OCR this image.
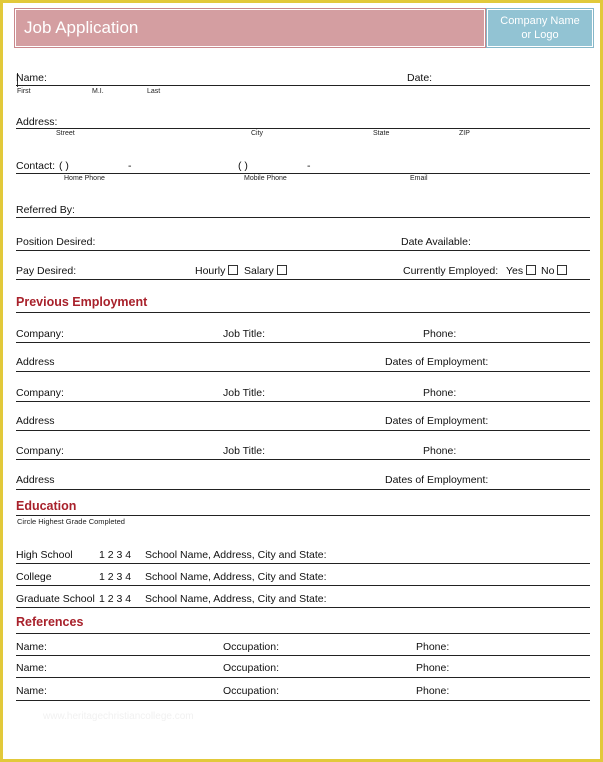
Job Application	Company Name
or Logo
Name:	Date:
First	M.I.	Last
Address:
Street	City	State	ZIP
Contact: ( )	-	( )	-
Home Phone	Mobile Phone	Email
Referred By:
Position Desired:	Date Available:
Pay Desired:	Hourly	Salary	Currently Employed: Yes	No
Previous Employment
Company:	Job Title:	Phone:
Address	Dates of Employment:
Company:	Job Title:	Phone:
Address	Dates of Employment:
Company:	Job Title:	Phone:
Address	Dates of Employment:
Education
Circle Highest Grade Completed
High School	1 2 3 4 School Name, Address, City and State:
College	1 2 3 4 School Name, Address, City and State:
Graduate School 1 2 3 4 School Name, Address, City and State:
References
Name:	Occupation:	Phone:
Name:	Occupation:	Phone:
Name:	Occupation:	Phone:
www.heritagechristiancollege.com
